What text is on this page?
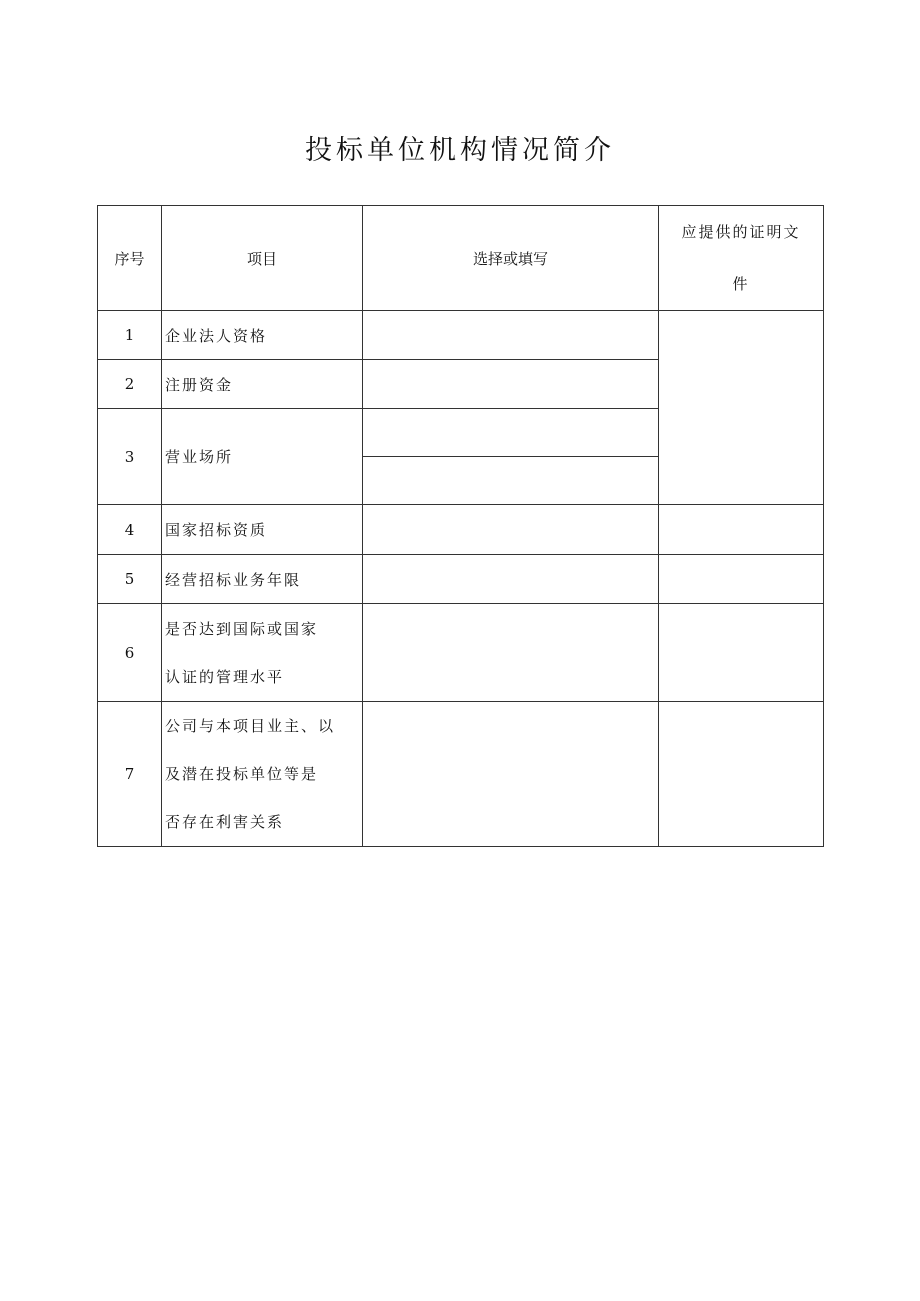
投标单位机构情况简介
序号	项目	选择或填写	应提供的证明文
件

1	企业法人资格		
2	注册资金		
3	营业场所		

4	国家招标资质		
5	经营招标业务年限		
6	是否达到国际或国家
认证的管理水平		

7	公司与本项目业主、以
及潜在投标单位等是
否存在利害关系		
